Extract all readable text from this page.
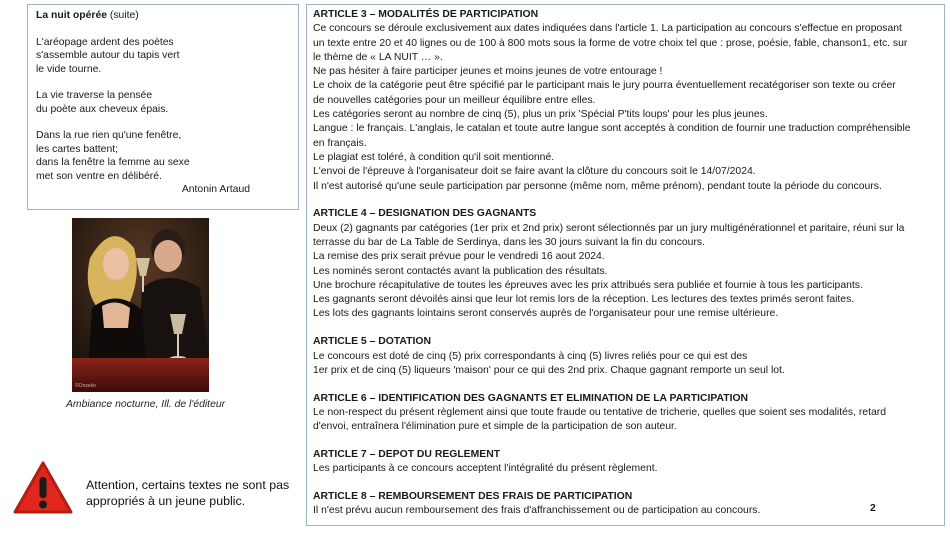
La nuit opérée (suite)
L'aréopage ardent des poètes
s'assemble autour du tapis vert
le vide tourne.
La vie traverse la pensée
du poète aux cheveux épais.
Dans la rue rien qu'une fenêtre,
les cartes battent;
dans la fenêtre la femme au sexe
met son ventre en délibéré.
Antonin Artaud
©Onzeko
Ambiance nocturne, Ill. de l'éditeur
Attention, certains textes ne sont pas appropriés à un jeune public.
ARTICLE 3 – MODALITÉS DE PARTICIPATION
Ce concours se déroule exclusivement aux dates indiquées dans l'article 1. La participation au concours s'effectue en proposant
un texte entre 20 et 40 lignes ou de 100 à 800 mots sous la forme de votre choix tel que : prose, poésie, fable, chanson1, etc. sur
le thème de « LA NUIT … ».
Ne pas hésiter à faire participer jeunes et moins jeunes de votre entourage !
Le choix de la catégorie peut être spécifié par le participant mais le jury pourra éventuellement recatégoriser son texte ou créer
de nouvelles catégories pour un meilleur équilibre entre elles.
Les catégories seront au nombre de cinq (5), plus un prix 'Spécial P'tits loups' pour les plus jeunes.
Langue : le français. L'anglais, le catalan et toute autre langue sont acceptés à condition de fournir une traduction compréhensible
en français.
Le plagiat est toléré, à condition qu'il soit mentionné.
L'envoi de l'épreuve à l'organisateur doit se faire avant la clôture du concours soit le 14/07/2024.
Il n'est autorisé qu'une seule participation par personne (même nom, même prénom), pendant toute la période du concours.
ARTICLE 4 – DESIGNATION DES GAGNANTS
Deux (2) gagnants par catégories (1er prix et 2nd prix) seront sélectionnés par un jury multigénérationnel et paritaire, réuni sur la
terrasse du bar de La Table de Serdinya, dans les 30 jours suivant la fin du concours.
La remise des prix serait prévue pour le vendredi 16 aout 2024.
Les nominés seront contactés avant la publication des résultats.
Une brochure récapitulative de toutes les épreuves avec les prix attribués sera publiée et fournie à tous les participants.
Les gagnants seront dévoilés ainsi que leur lot remis lors de la réception. Les lectures des textes primés seront faites.
Les lots des gagnants lointains seront conservés auprès de l'organisateur pour une remise ultérieure.
ARTICLE 5 – DOTATION
Le concours est doté de cinq (5) prix correspondants à cinq (5) livres reliés pour ce qui est des
1er prix et de cinq (5) liqueurs 'maison' pour ce qui des 2nd prix. Chaque gagnant remporte un seul lot.
ARTICLE 6 – IDENTIFICATION DES GAGNANTS ET ELIMINATION DE LA PARTICIPATION
Le non-respect du présent règlement ainsi que toute fraude ou tentative de tricherie, quelles que soient ses modalités, retard
d'envoi, entraînera l'élimination pure et simple de la participation de son auteur.
ARTICLE 7 – DEPOT DU REGLEMENT
Les participants à ce concours acceptent l'intégralité du présent règlement.
ARTICLE 8 – REMBOURSEMENT DES FRAIS DE PARTICIPATION
Il n'est prévu aucun remboursement des frais d'affranchissement ou de participation au concours.	2
